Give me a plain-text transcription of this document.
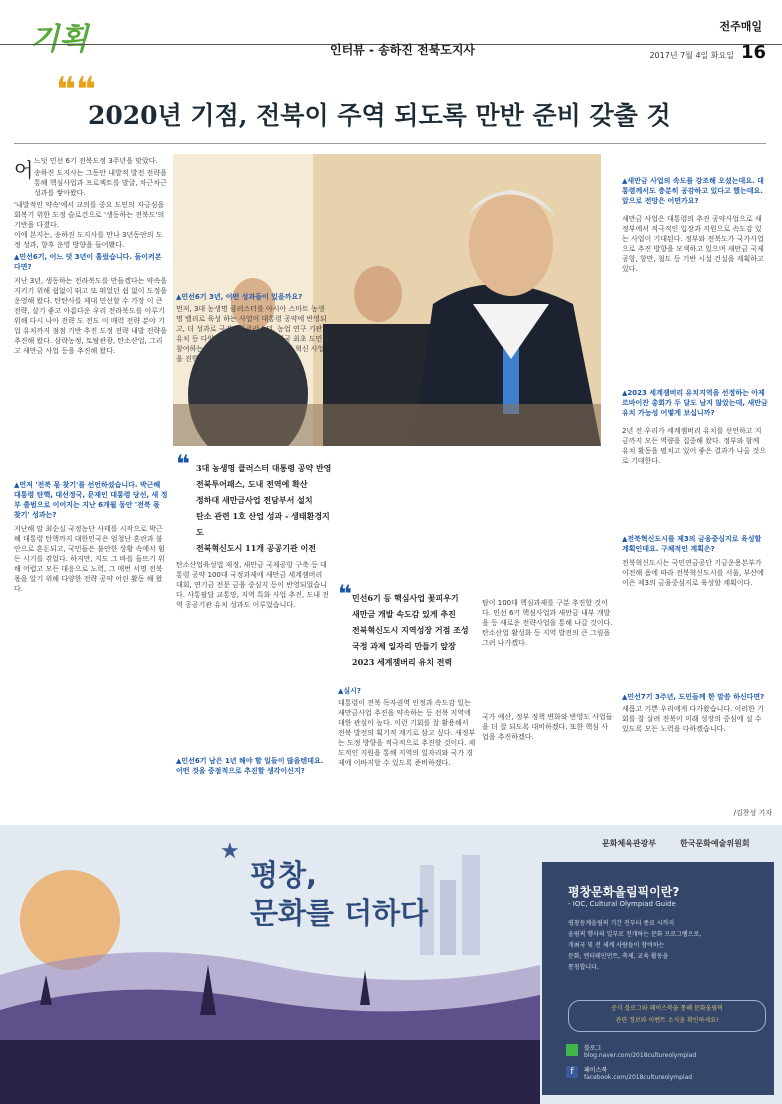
기획	전주매일
인터뷰 - 송하진 전북도지사	2017년 7월 4일 화요일 16
❝❝
2020년 기점, 전북이 주역 되도록 만반 준비 갖출 것
어 느덧 민선 6기 전북도정 3주년을 맞았다.
송하진 도지사는 그동안 내발적 발전 전략을 통해 핵심사업과 프로젝트를 발굴, 차근차근 성과를 쌓아왔다.
'내발적인 약속'에서 교의를 중요 도민의 자긍심을 회복기 위한 도정 슬로건으로 '생동하는 전북도'의 기반을 다졌다.
이에 본지는, 송하진 도지사를 만나 3년동안의 도정 성과, 향후 운영 방향을 들어봤다.
▲민선6기, 어느 덧 3년이 흘렀습니다. 돌이켜본다면?
지난 3년, 생동하는 전라북도를 만들겠다는 약속을 지키기 위해 쉼없이 뛰고 또 뛰었던 쉼 없이 도정을 운영해 왔다. 탄탄사를 제대 민선할 수 가장 이 큰 전략, 살기 좋고 아름다운 우리 전라북도를 이루기 위해 다시 나아 전략 도 전도 이 매력 전략 분야 기업 유치까지 점점 기반 추진 도정 전략 내발 전략을 추진해 왔다. 삼락농정, 토탈관광, 탄소산업, 그리고 새만금 사업 등을 추진해 왔다.
▲먼저 '전북 몫 찾기'를 선언하셨습니다. 박근혜 대통령 탄핵, 대선정국, 문재인 대통령 당선, 새 정부 출범으로 이어지는 지난 6개월 동안 '전북 몫 찾기' 성과는?
지난해 말 최순실 국정농단 사태를 시작으로 박근혜 대통령 탄핵까지 대한민국은 엄청난 혼란과 불안으로 혼돈되고, 국민들은 불안한 상황 속에서 힘든 시기를 겪었다. 하지만, 지도 그 바를 들뜨기 위해 어렵고 모든 대응으로 노력, 그 매번 서명 전북 몫을 알기 위해 다양한 전략 공약 어린 활동 해 왔다.
▲민선6기 3년, 어떤 성과들이 있을까요?
먼저, 3대 농생명 클러스터를 아시아 스마트 농생명 밸리로 육성 하는 사업이 대통령 공약에 반영되고, 더 성과로 국가식품클러스터, 농업 연구 기관 유치 등 다양한 성과를 거두었다. 전국 최초 도민이 참여하는 정부혁신 3.0 사업 등 다양한 혁신 사업을 진행해 왔다.
❝ 3대 농생명 클러스터 대통령 공약 반영
전북투어패스, 도내 전역에 확산
정하대 새만금사업 전담부서 설치
탄소 관련 1호 산업 성과 - 생태환경지도
전북혁신도시 11개 공공기관 이전
탄소산업육성법 제정, 새만금 국제공항 구축 등 대통령 공약 100대 국정과제에 새만금 세계잼버리 대회, 연기금 전문 금융 중심지 등이 반영되었습니다. 사통팔달 교통망, 지역 특화 사업 추진, 도내 전역 공공기관 유치 성과도 이루었습니다.
▲민선6기 남은 1년 해야 할 일들이 많을텐데요. 어떤 것을 중점적으로 추진할 생각이신지?
❝ 민선6기 등 핵심사업 꽃피우기
새만금 개발 속도감 있게 추진
전북혁신도시 지역성장 거점 조성
국정 과제 일자리 만들기 앞장
2023 세계잼버리 유치 전력
▲실시?
대통령이 전북 독자권역 인정과 속도감 있는 새만금사업 추진을 약속하는 등 전북 지역에 대한 관심이 높다. 이런 기회를 잘 활용해서 전북 발전의 획기적 계기로 삼고 싶다. 새정부는 도정 방향을 적극적으로 추진할 것이다. 제도적인 지원을 통해 지역의 일자리와 국가 경제에 이바지할 수 있도록 준비하겠다.
탐이 100대 핵심과제를 구분 추진할 것이다. 민선 6기 핵심사업과 새만금 내부 개발을 등 새로운 전략사업을 통해 나갈 것이다. 탄소산업 활성화 등 지역 발전의 큰 그림을 그려 나가겠다.
국가 예산, 정부 정책 변화와 반영도 사업들을 더 잘 되도록 대비하겠다. 또한 핵심 사업을 추진하겠다.
▲새만금 사업의 속도를 강조해 오셨는데요. 대통령께서도 충분히 공감하고 있다고 했는데요. 앞으로 전망은 어떤가요?
새만금 사업은 대통령의 추진 공약사업으로 새 정부에서 적극적인 입장과 지원으로 속도감 있는 사업이 기대된다. 정부와 전북도가 국가사업으로 추진 방향을 모색하고 있으며 새만금 국제공항, 항만, 철도 등 기반 시설 건설을 계획하고 있다.
▲2023 세계잼버리 유치지역을 선정하는 아제르바이잔 총회가 두 달도 남지 않았는데, 새만금 유치 가능성 어떻게 보십니까?
2년 전 우리가 세계잼버리 유치를 선언하고 지금까지 모든 역량을 집중해 왔다. 정부와 함께 유치 활동을 펼치고 있어 좋은 결과가 나올 것으로 기대한다.
▲전북혁신도시를 제3의 금융중심지로 육성할 계획인데요. 구체적인 계획은?
전북혁신도시는 국민연금공단 기금운용본부가 이전해 옴에 따라 전북혁신도시를 서울, 부산에 이은 제3의 금융중심지로 육성할 계획이다.
▲민선7기 3주년, 도민들께 한 말씀 하신다면?
새롭고 기쁜 우리에게 다가왔습니다. 이러한 기회를 잘 살려 전북이 미래 성장의 중심에 설 수 있도록 모든 노력을 다하겠습니다.
/김찬성 기자
★
평창,
문화를 더하다
문화체육관광부	한국문화예술위원회
평창문화올림픽이란?
- IOC, Cultural Olympiad Guide
평창동계올림픽 기간 전부터 종료 시까지
올림픽 행사의 일부로 전개하는 문화 프로그램으로,
개최국 및 전 세계 사람들이 참여하는
문화, 엔터테인먼트, 축제, 교육 활동을
통칭합니다.
공식 블로그와 페이스북을 통해 문화올림픽
관련 정보와 이벤트 소식을 확인하세요!
블로그
blog.naver.com/2018cultureolympiad
f	페이스북
facebook.com/2018cultureolympiad
